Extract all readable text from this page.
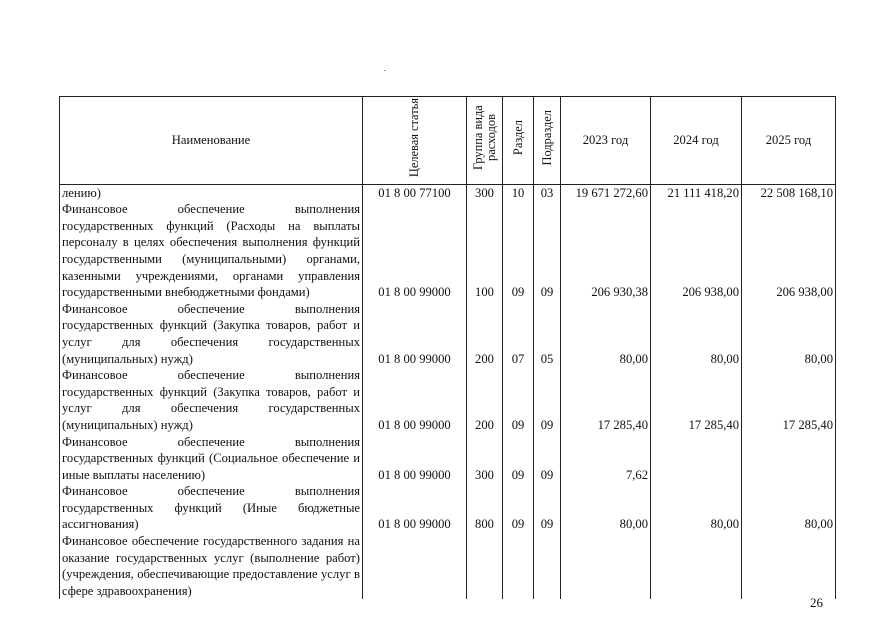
Наименование	Целевая статья	Группа вида расходов	Раздел	Подраздел	2023 год	2024 год	2025 год
лению)	01 8 00 77100	300	10	03	19 671 272,60	21 111 418,20	22 508 168,10
Финансовое обеспечение выполнения государственных функций (Расходы на выплаты персоналу в целях обеспечения выполнения функций государственными (муниципальными) органами, казенными учреждениями, органами управления государственными внебюджетными фондами)	01 8 00 99000	100	09	09	206 930,38	206 938,00	206 938,00
Финансовое обеспечение выполнения государственных функций (Закупка товаров, работ и услуг для обеспечения государственных (муниципальных) нужд)	01 8 00 99000	200	07	05	80,00	80,00	80,00
Финансовое обеспечение выполнения государственных функций (Закупка товаров, работ и услуг для обеспечения государственных (муниципальных) нужд)	01 8 00 99000	200	09	09	17 285,40	17 285,40	17 285,40
Финансовое обеспечение выполнения государственных функций (Социальное обеспечение и иные выплаты населению)	01 8 00 99000	300	09	09	7,62		
Финансовое обеспечение выполнения государственных функций (Иные бюджетные ассигнования)	01 8 00 99000	800	09	09	80,00	80,00	80,00
Финансовое обеспечение государственного задания на оказание государственных услуг (выполнение работ) (учреждения, обеспечивающие предоставление услуг в сфере здравоохранения)							
26
